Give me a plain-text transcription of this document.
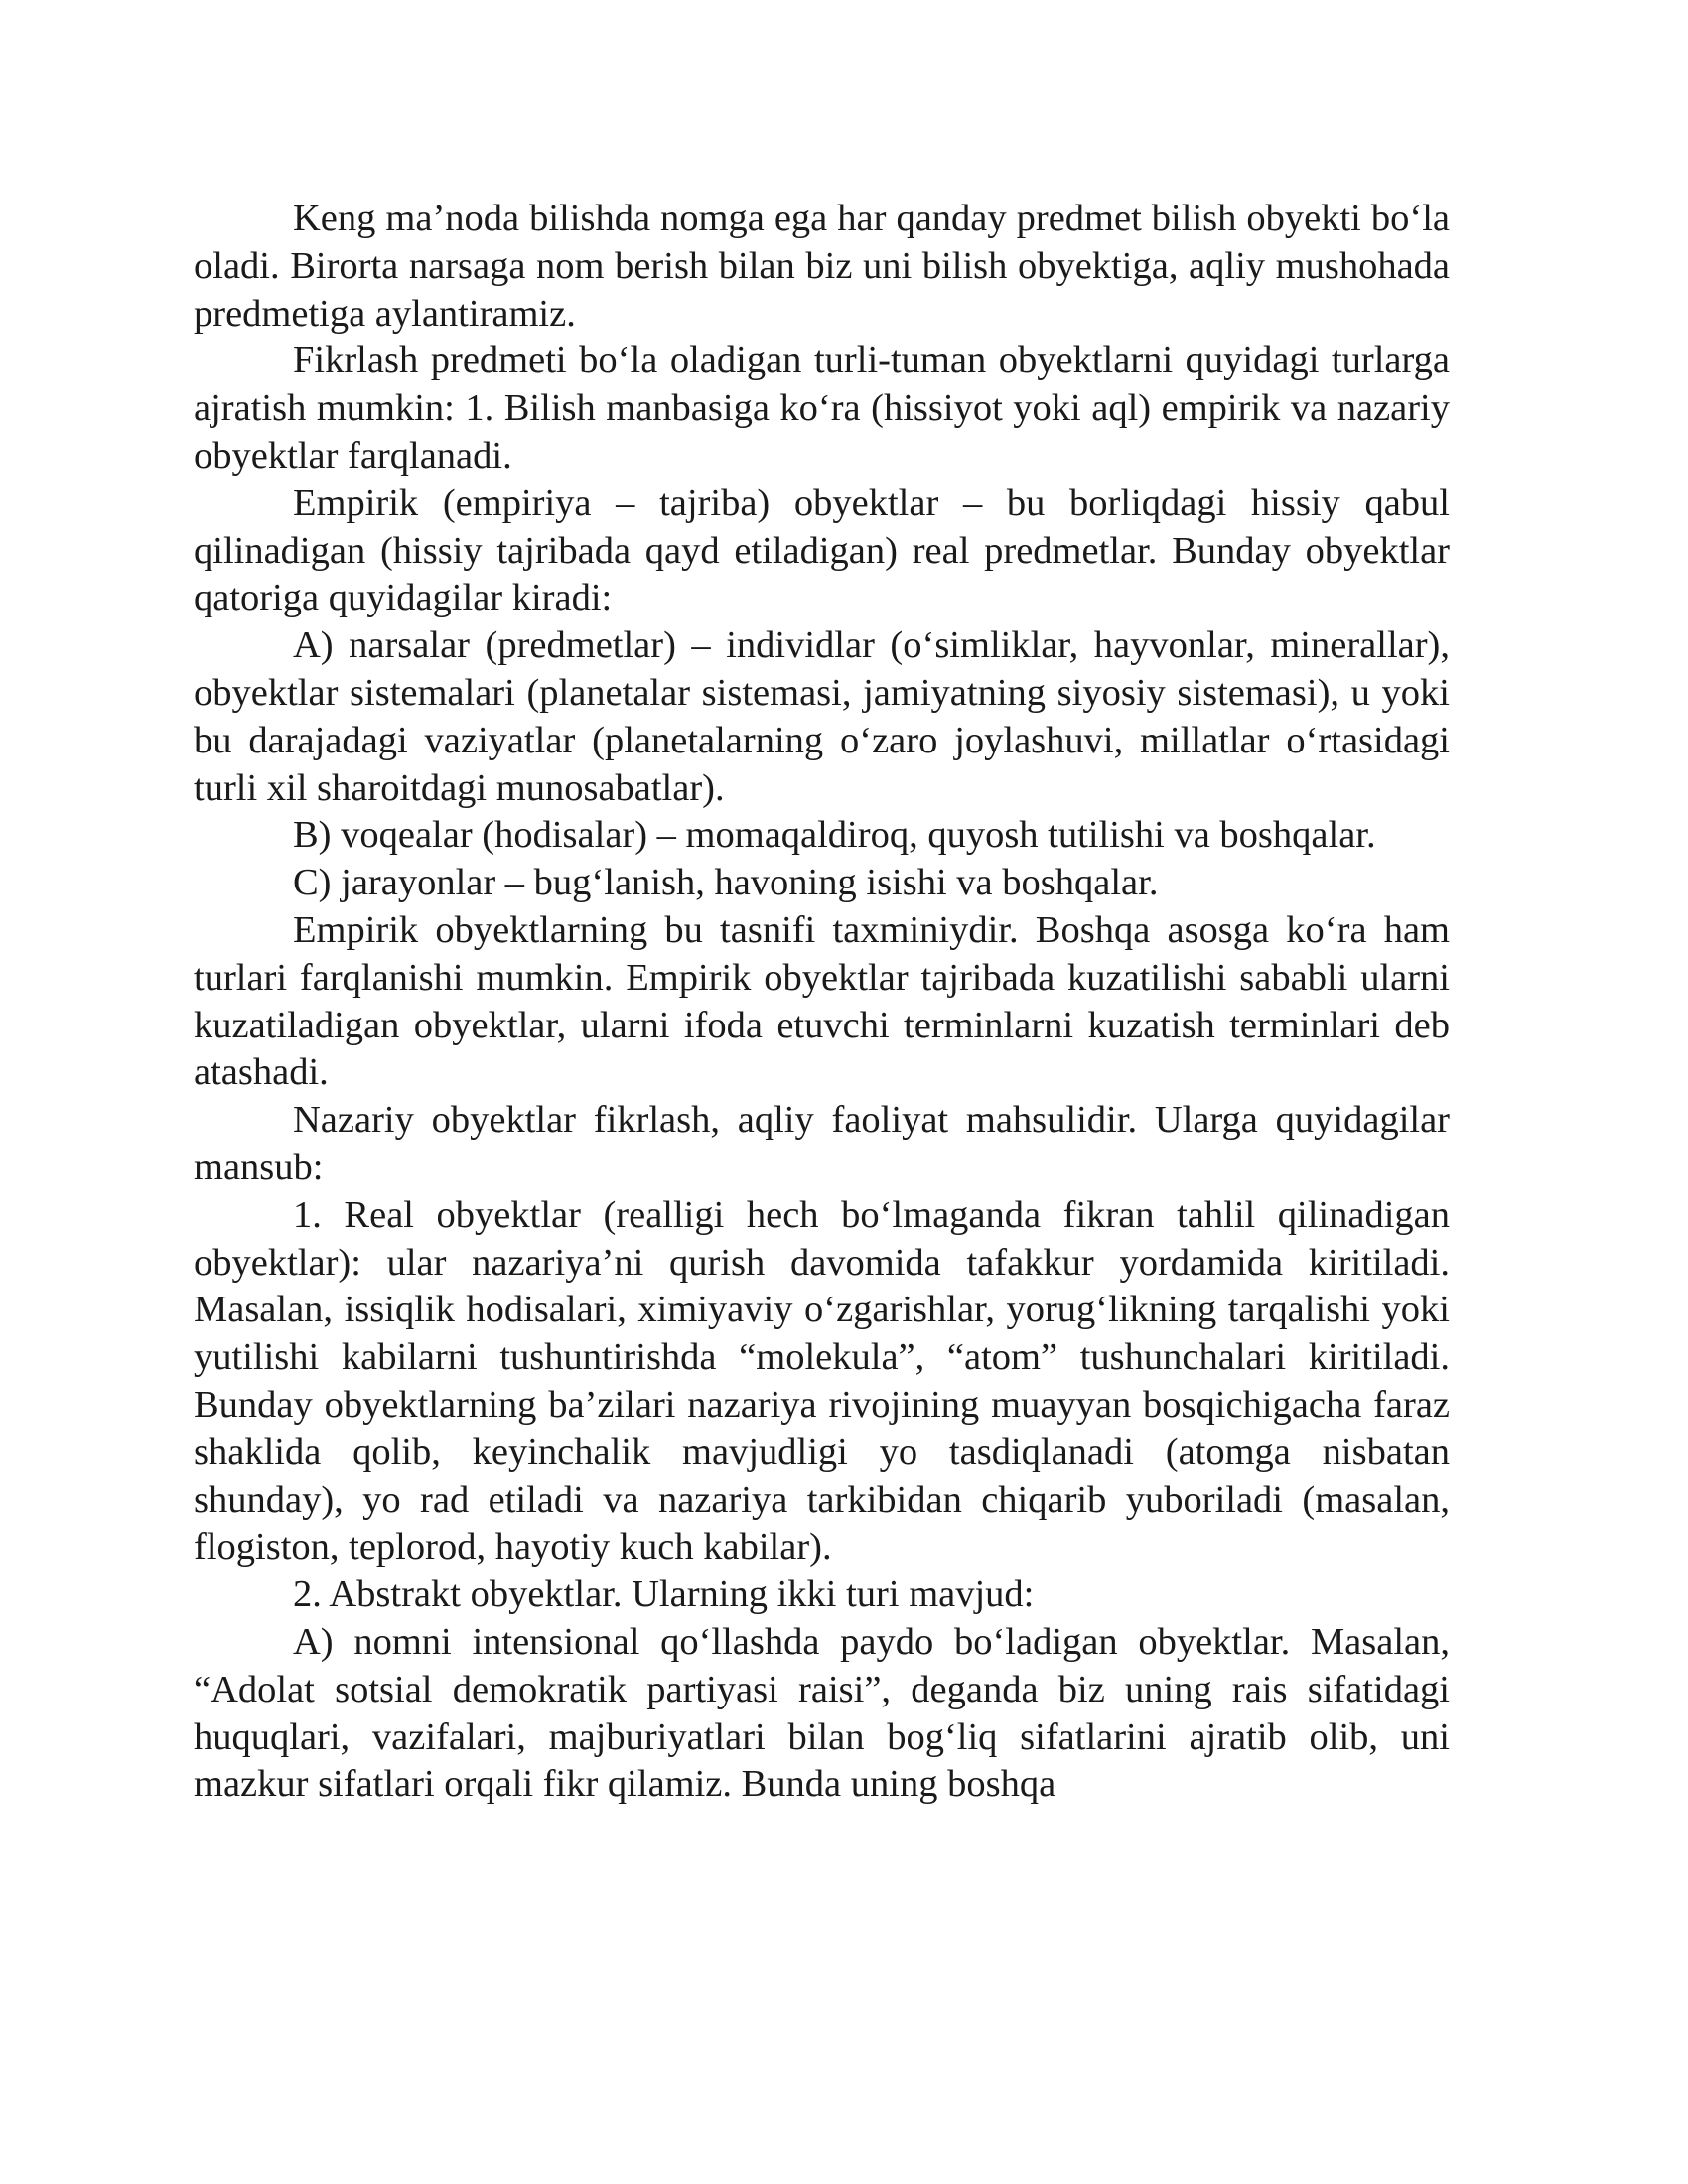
Keng ma’noda bilishda nomga ega har qanday predmet bilish obyekti bo‘la oladi. Birorta narsaga nom berish bilan biz uni bilish obyektiga, aqliy mushohada predmetiga aylantiramiz.

Fikrlash predmeti bo‘la oladigan turli-tuman obyektlarni quyidagi turlarga ajratish mumkin: 1. Bilish manbasiga ko‘ra (hissiyot yoki aql) empirik va nazariy obyektlar farqlanadi.

Empirik (empiriya – tajriba) obyektlar – bu borliqdagi hissiy qabul qilinadigan (hissiy tajribada qayd etiladigan) real predmetlar. Bunday obyektlar qatoriga quyidagilar kiradi:

A) narsalar (predmetlar) – individlar (o‘simliklar, hayvonlar, minerallar), obyektlar sistemalari (planetalar sistemasi, jamiyatning siyosiy sistemasi), u yoki bu darajadagi vaziyatlar (planetalarning o‘zaro joylashuvi, millatlar o‘rtasidagi turli xil sharoitdagi munosabatlar).

B) voqealar (hodisalar) – momaqaldiroq, quyosh tutilishi va boshqalar.

C) jarayonlar – bug‘lanish, havoning isishi va boshqalar.

Empirik obyektlarning bu tasnifi taxminiydir. Boshqa asosga ko‘ra ham turlari farqlanishi mumkin. Empirik obyektlar tajribada kuzatilishi sababli ularni kuzatiladigan obyektlar, ularni ifoda etuvchi terminlarni kuzatish terminlari deb atashadi.

Nazariy obyektlar fikrlash, aqliy faoliyat mahsulidir. Ularga quyidagilar mansub:

1. Real obyektlar (realligi hech bo‘lmaganda fikran tahlil qilinadigan obyektlar): ular nazariya’ni qurish davomida tafakkur yordamida kiritiladi. Masalan, issiqlik hodisalari, ximiyaviy o‘zgarishlar, yorug‘likning tarqalishi yoki yutilishi kabilarni tushuntirishda “molekula”, “atom” tushunchalari kiritiladi. Bunday obyektlarning ba’zilari nazariya rivojining muayyan bosqichigacha faraz shaklida qolib, keyinchalik mavjudligi yo tasdiqlanadi (atomga nisbatan shunday), yo rad etiladi va nazariya tarkibidan chiqarib yuboriladi (masalan, flogiston, teplorod, hayotiy kuch kabilar).

2. Abstrakt obyektlar. Ularning ikki turi mavjud:

A) nomni intensional qo‘llashda paydo bo‘ladigan obyektlar. Masalan, “Adolat sotsial demokratik partiyasi raisi”, deganda biz uning rais sifatidagi huquqlari, vazifalari, majburiyatlari bilan bog‘liq sifatlarini ajratib olib, uni mazkur sifatlari orqali fikr qilamiz. Bunda uning boshqa
